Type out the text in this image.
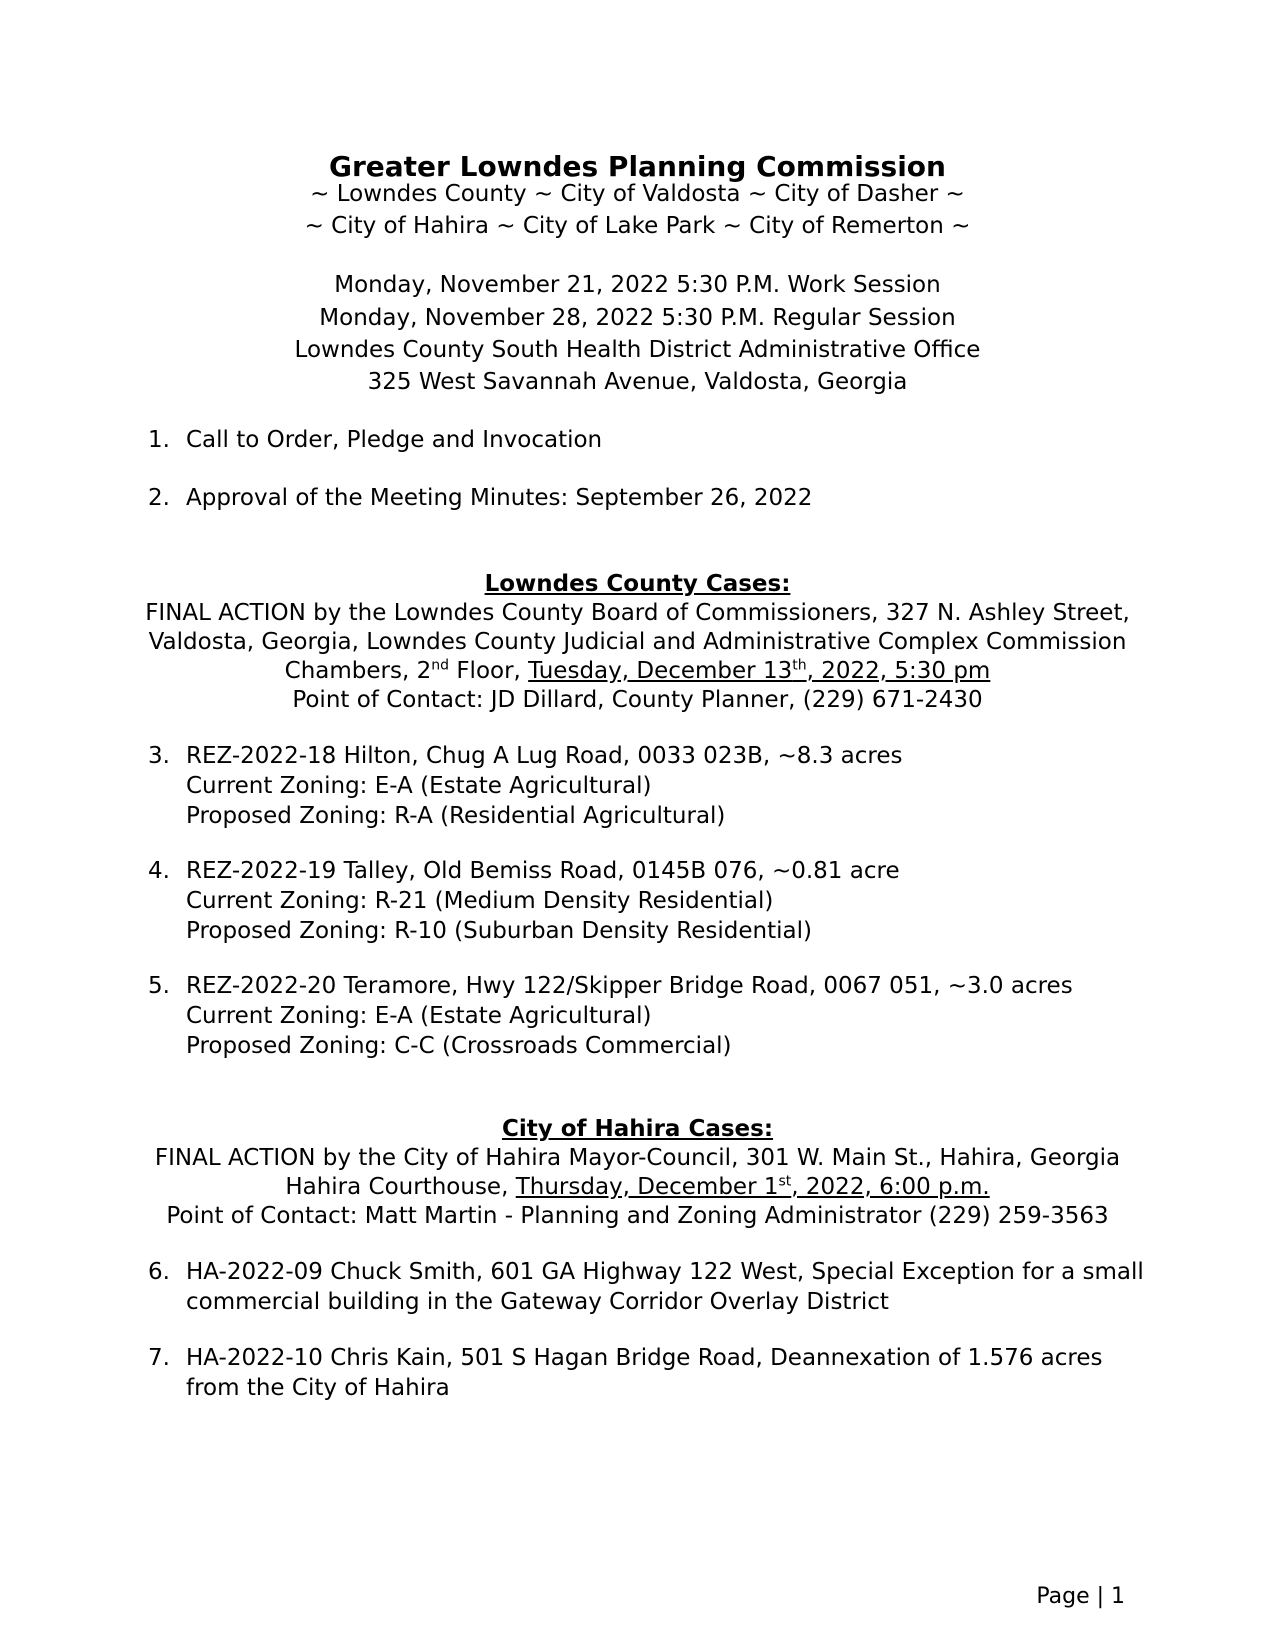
Greater Lowndes Planning Commission
~ Lowndes County ~ City of Valdosta ~ City of Dasher ~
~ City of Hahira ~ City of Lake Park ~ City of Remerton ~
Monday, November 21, 2022 5:30 P.M. Work Session
Monday, November 28, 2022 5:30 P.M. Regular Session
Lowndes County South Health District Administrative Office
325 West Savannah Avenue, Valdosta, Georgia
1. Call to Order, Pledge and Invocation
2. Approval of the Meeting Minutes: September 26, 2022
Lowndes County Cases:
FINAL ACTION by the Lowndes County Board of Commissioners, 327 N. Ashley Street,
Valdosta, Georgia, Lowndes County Judicial and Administrative Complex Commission
Chambers, 2nd Floor, Tuesday, December 13th, 2022, 5:30 pm
Point of Contact: JD Dillard, County Planner, (229) 671-2430
3. REZ-2022-18 Hilton, Chug A Lug Road, 0033 023B, ~8.3 acres
Current Zoning: E-A (Estate Agricultural)
Proposed Zoning: R-A (Residential Agricultural)
4. REZ-2022-19 Talley, Old Bemiss Road, 0145B 076, ~0.81 acre
Current Zoning: R-21 (Medium Density Residential)
Proposed Zoning: R-10 (Suburban Density Residential)
5. REZ-2022-20 Teramore, Hwy 122/Skipper Bridge Road, 0067 051, ~3.0 acres
Current Zoning: E-A (Estate Agricultural)
Proposed Zoning: C-C (Crossroads Commercial)
City of Hahira Cases:
FINAL ACTION by the City of Hahira Mayor-Council, 301 W. Main St., Hahira, Georgia
Hahira Courthouse, Thursday, December 1st, 2022, 6:00 p.m.
Point of Contact: Matt Martin - Planning and Zoning Administrator (229) 259-3563
6. HA-2022-09 Chuck Smith, 601 GA Highway 122 West, Special Exception for a small
commercial building in the Gateway Corridor Overlay District
7. HA-2022-10 Chris Kain, 501 S Hagan Bridge Road, Deannexation of 1.576 acres
from the City of Hahira
Page | 1
